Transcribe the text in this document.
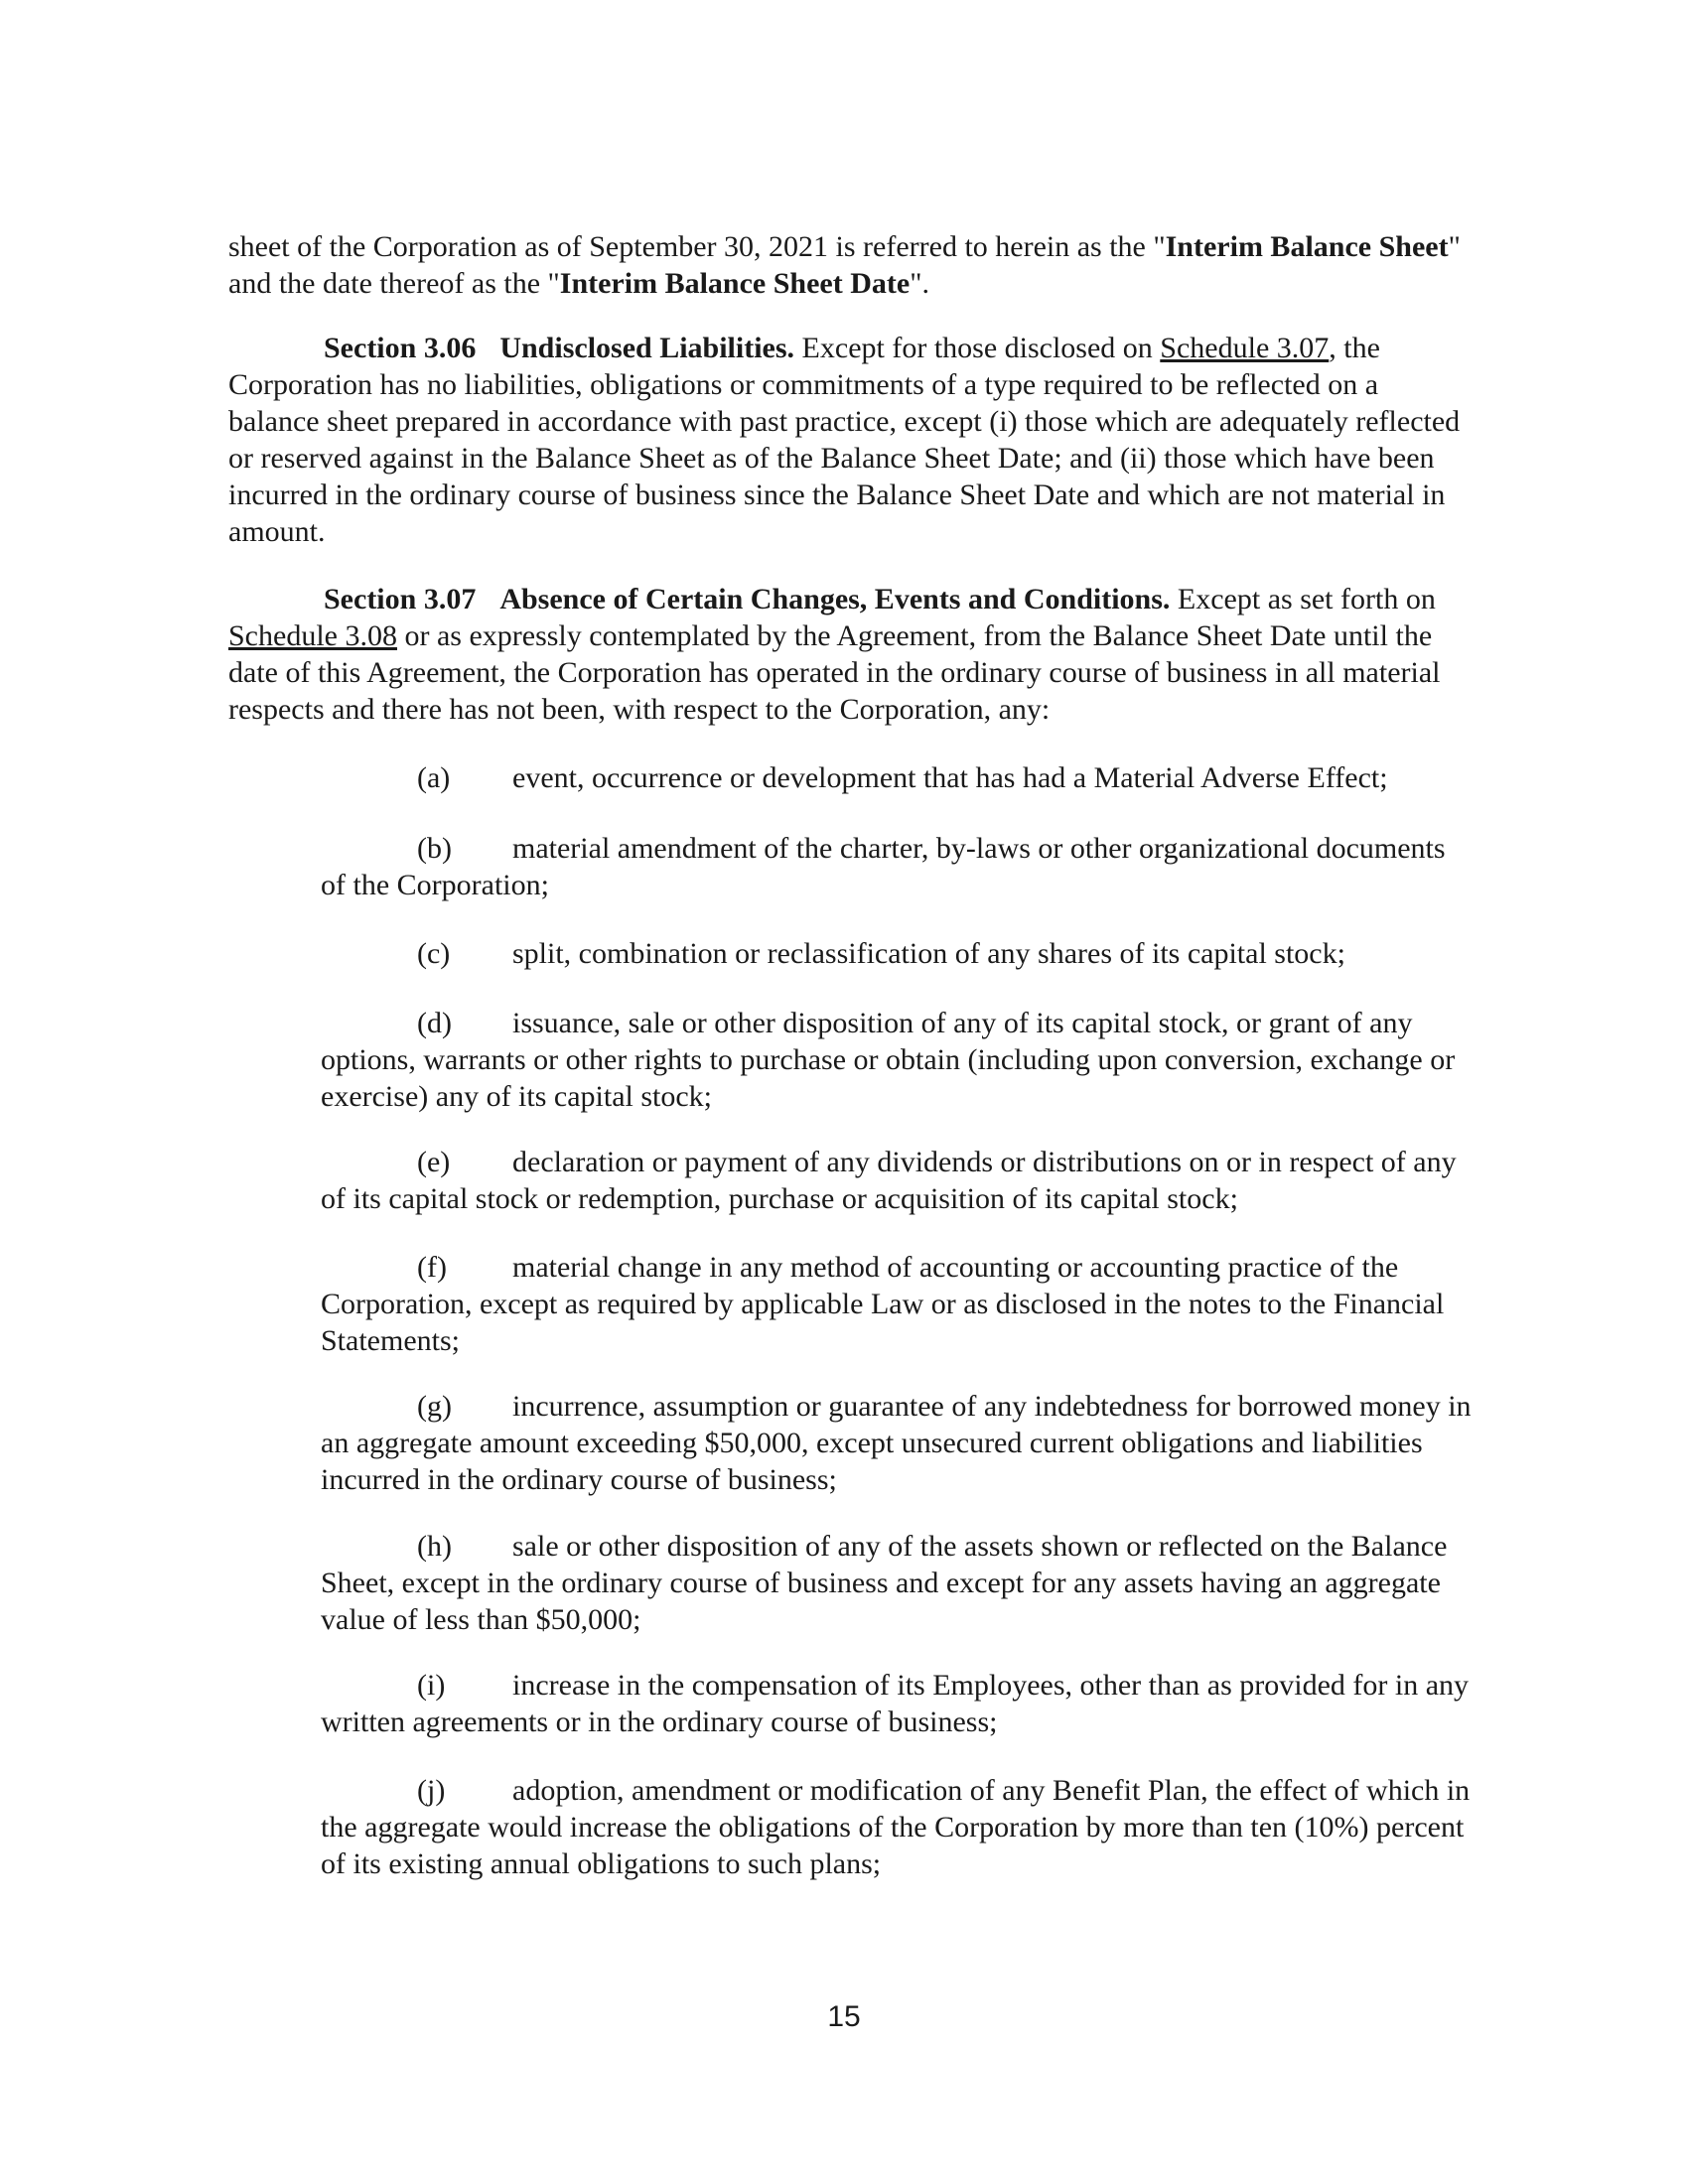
sheet of the Corporation as of September 30, 2021 is referred to herein as the "Interim Balance Sheet" and the date thereof as the "Interim Balance Sheet Date".

Section 3.06 Undisclosed Liabilities. Except for those disclosed on Schedule 3.07, the Corporation has no liabilities, obligations or commitments of a type required to be reflected on a balance sheet prepared in accordance with past practice, except (i) those which are adequately reflected or reserved against in the Balance Sheet as of the Balance Sheet Date; and (ii) those which have been incurred in the ordinary course of business since the Balance Sheet Date and which are not material in amount.

Section 3.07 Absence of Certain Changes, Events and Conditions. Except as set forth on Schedule 3.08 or as expressly contemplated by the Agreement, from the Balance Sheet Date until the date of this Agreement, the Corporation has operated in the ordinary course of business in all material respects and there has not been, with respect to the Corporation, any:

(a) event, occurrence or development that has had a Material Adverse Effect;

(b) material amendment of the charter, by-laws or other organizational documents of the Corporation;

(c) split, combination or reclassification of any shares of its capital stock;

(d) issuance, sale or other disposition of any of its capital stock, or grant of any options, warrants or other rights to purchase or obtain (including upon conversion, exchange or exercise) any of its capital stock;

(e) declaration or payment of any dividends or distributions on or in respect of any of its capital stock or redemption, purchase or acquisition of its capital stock;

(f) material change in any method of accounting or accounting practice of the Corporation, except as required by applicable Law or as disclosed in the notes to the Financial Statements;

(g) incurrence, assumption or guarantee of any indebtedness for borrowed money in an aggregate amount exceeding $50,000, except unsecured current obligations and liabilities incurred in the ordinary course of business;

(h) sale or other disposition of any of the assets shown or reflected on the Balance Sheet, except in the ordinary course of business and except for any assets having an aggregate value of less than $50,000;

(i) increase in the compensation of its Employees, other than as provided for in any written agreements or in the ordinary course of business;

(j) adoption, amendment or modification of any Benefit Plan, the effect of which in the aggregate would increase the obligations of the Corporation by more than ten (10%) percent of its existing annual obligations to such plans;

15
